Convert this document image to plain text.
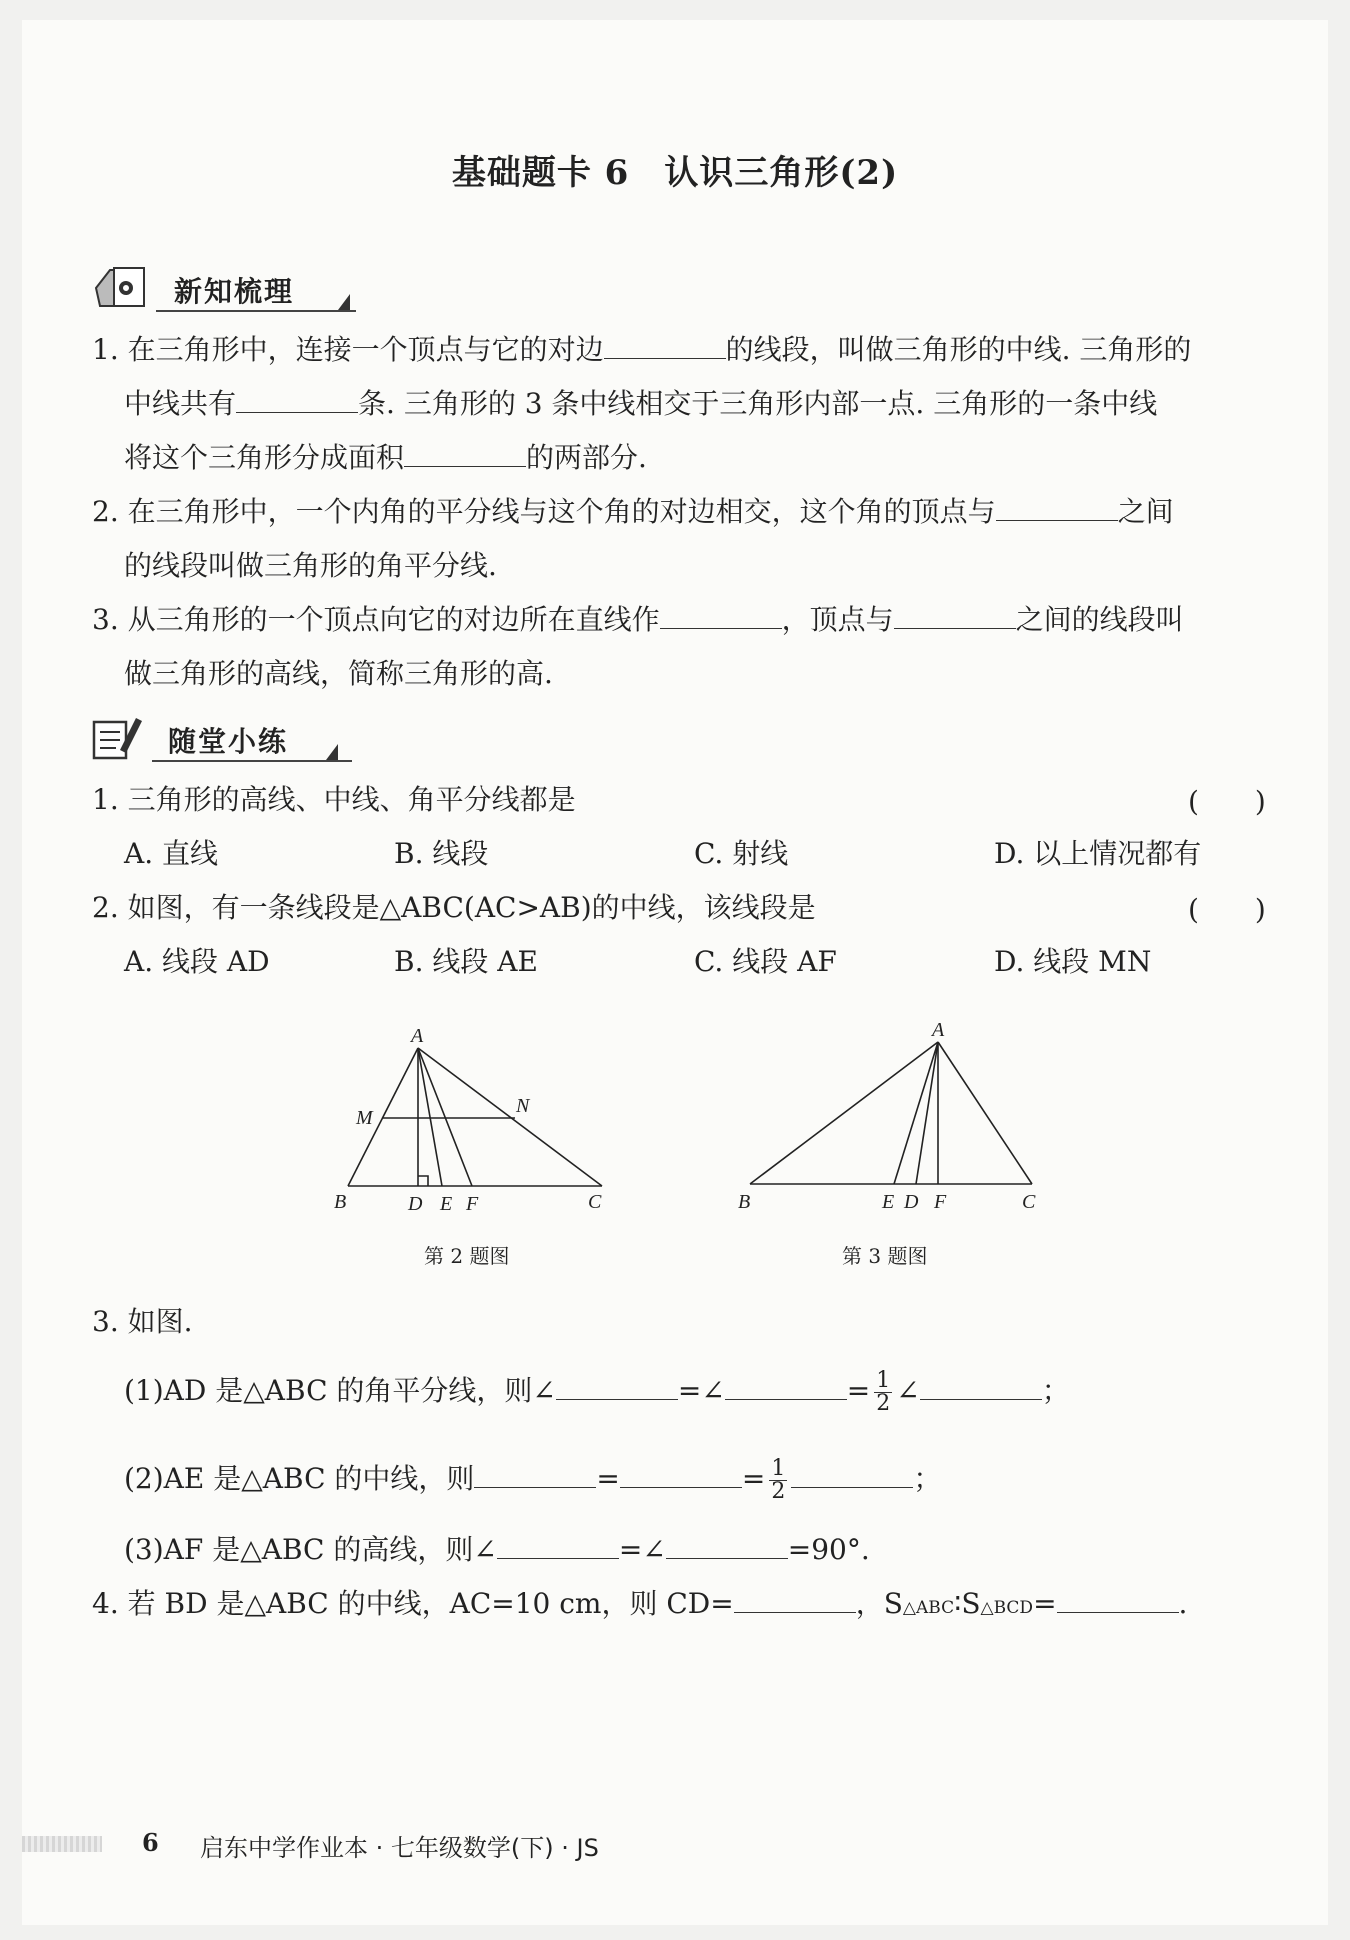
基础题卡 6　认识三角形(2)
新知梳理
1. 在三角形中，连接一个顶点与它的对边	的线段，叫做三角形的中线. 三角形的
中线共有	条. 三角形的 3 条中线相交于三角形内部一点. 三角形的一条中线
将这个三角形分成面积	的两部分.
2. 在三角形中，一个内角的平分线与这个角的对边相交，这个角的顶点与	之间
的线段叫做三角形的角平分线.
3. 从三角形的一个顶点向它的对边所在直线作	，顶点与	之间的线段叫
做三角形的高线，简称三角形的高.
随堂小练
1. 三角形的高线、中线、角平分线都是	(　　)
A. 直线	B. 线段	C. 射线	D. 以上情况都有
2. 如图，有一条线段是△ABC(AC>AB)的中线，该线段是	(　　)
A. 线段 AD	B. 线段 AE	C. 线段 AF	D. 线段 MN
A
M
N
B	D E F	C
第 2 题图
A
B	E D F	C
第 3 题图
3. 如图.
(1)AD 是△ABC 的角平分线，则∠	=∠	= $\frac{1}{2}$ ∠	；
(2)AE 是△ABC 的中线，则	=	= $\frac{1}{2}$	；
(3)AF 是△ABC 的高线，则∠	=∠	=90°.
4. 若 BD 是△ABC 的中线，AC=10 cm，则 CD=	，S△ABC∶S△BCD=	.
6 启东中学作业本 · 七年级数学(下) · JS
